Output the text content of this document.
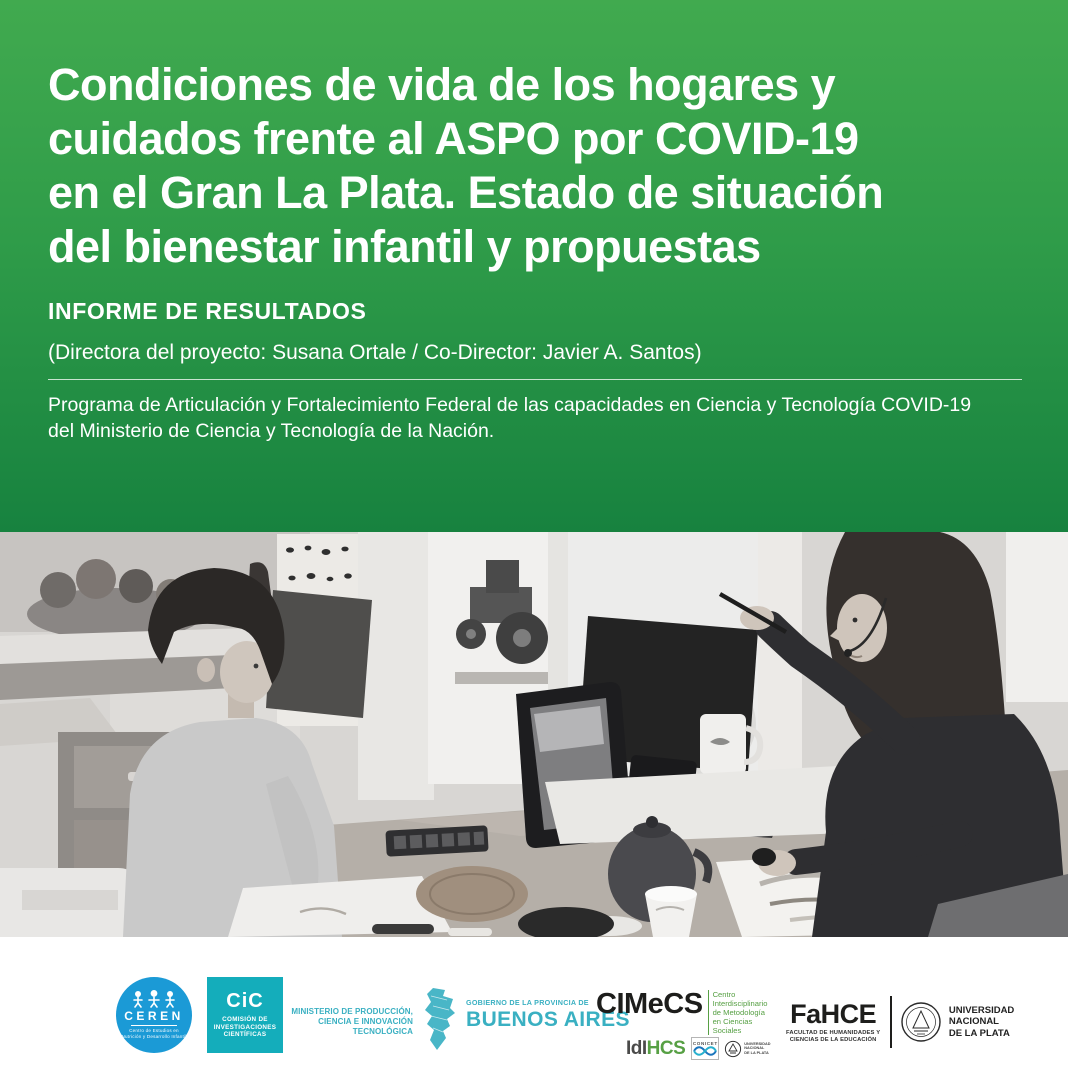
Condiciones de vida de los hogares y
cuidados frente al ASPO por COVID-19
en el Gran La Plata. Estado de situación
del bienestar infantil y propuestas
INFORME DE RESULTADOS
(Directora del proyecto: Susana Ortale / Co-Director: Javier A. Santos)
Programa de Articulación y Fortalecimiento Federal de las capacidades en Ciencia y Tecnología COVID-19
del Ministerio de Ciencia y Tecnología de la Nación.
CEREN
Centro de Estudios en
Nutrición y Desarrollo Infantil
CiC
COMISIÓN DE
INVESTIGACIONES
CIENTÍFICAS
MINISTERIO DE PRODUCCIÓN,
CIENCIA E INNOVACIÓN TECNOLÓGICA
GOBIERNO DE LA PROVINCIA DE
BUENOS AIRES
CIMeCS Centro Interdisciplinario
de Metodología
en Ciencias Sociales
IdIHCS CONICET	UNIVERSIDAD
NACIONAL
DE LA PLATA
FaHCE
FACULTAD DE HUMANIDADES Y
CIENCIAS DE LA EDUCACIÓN
UNIVERSIDAD
NACIONAL
DE LA PLATA
